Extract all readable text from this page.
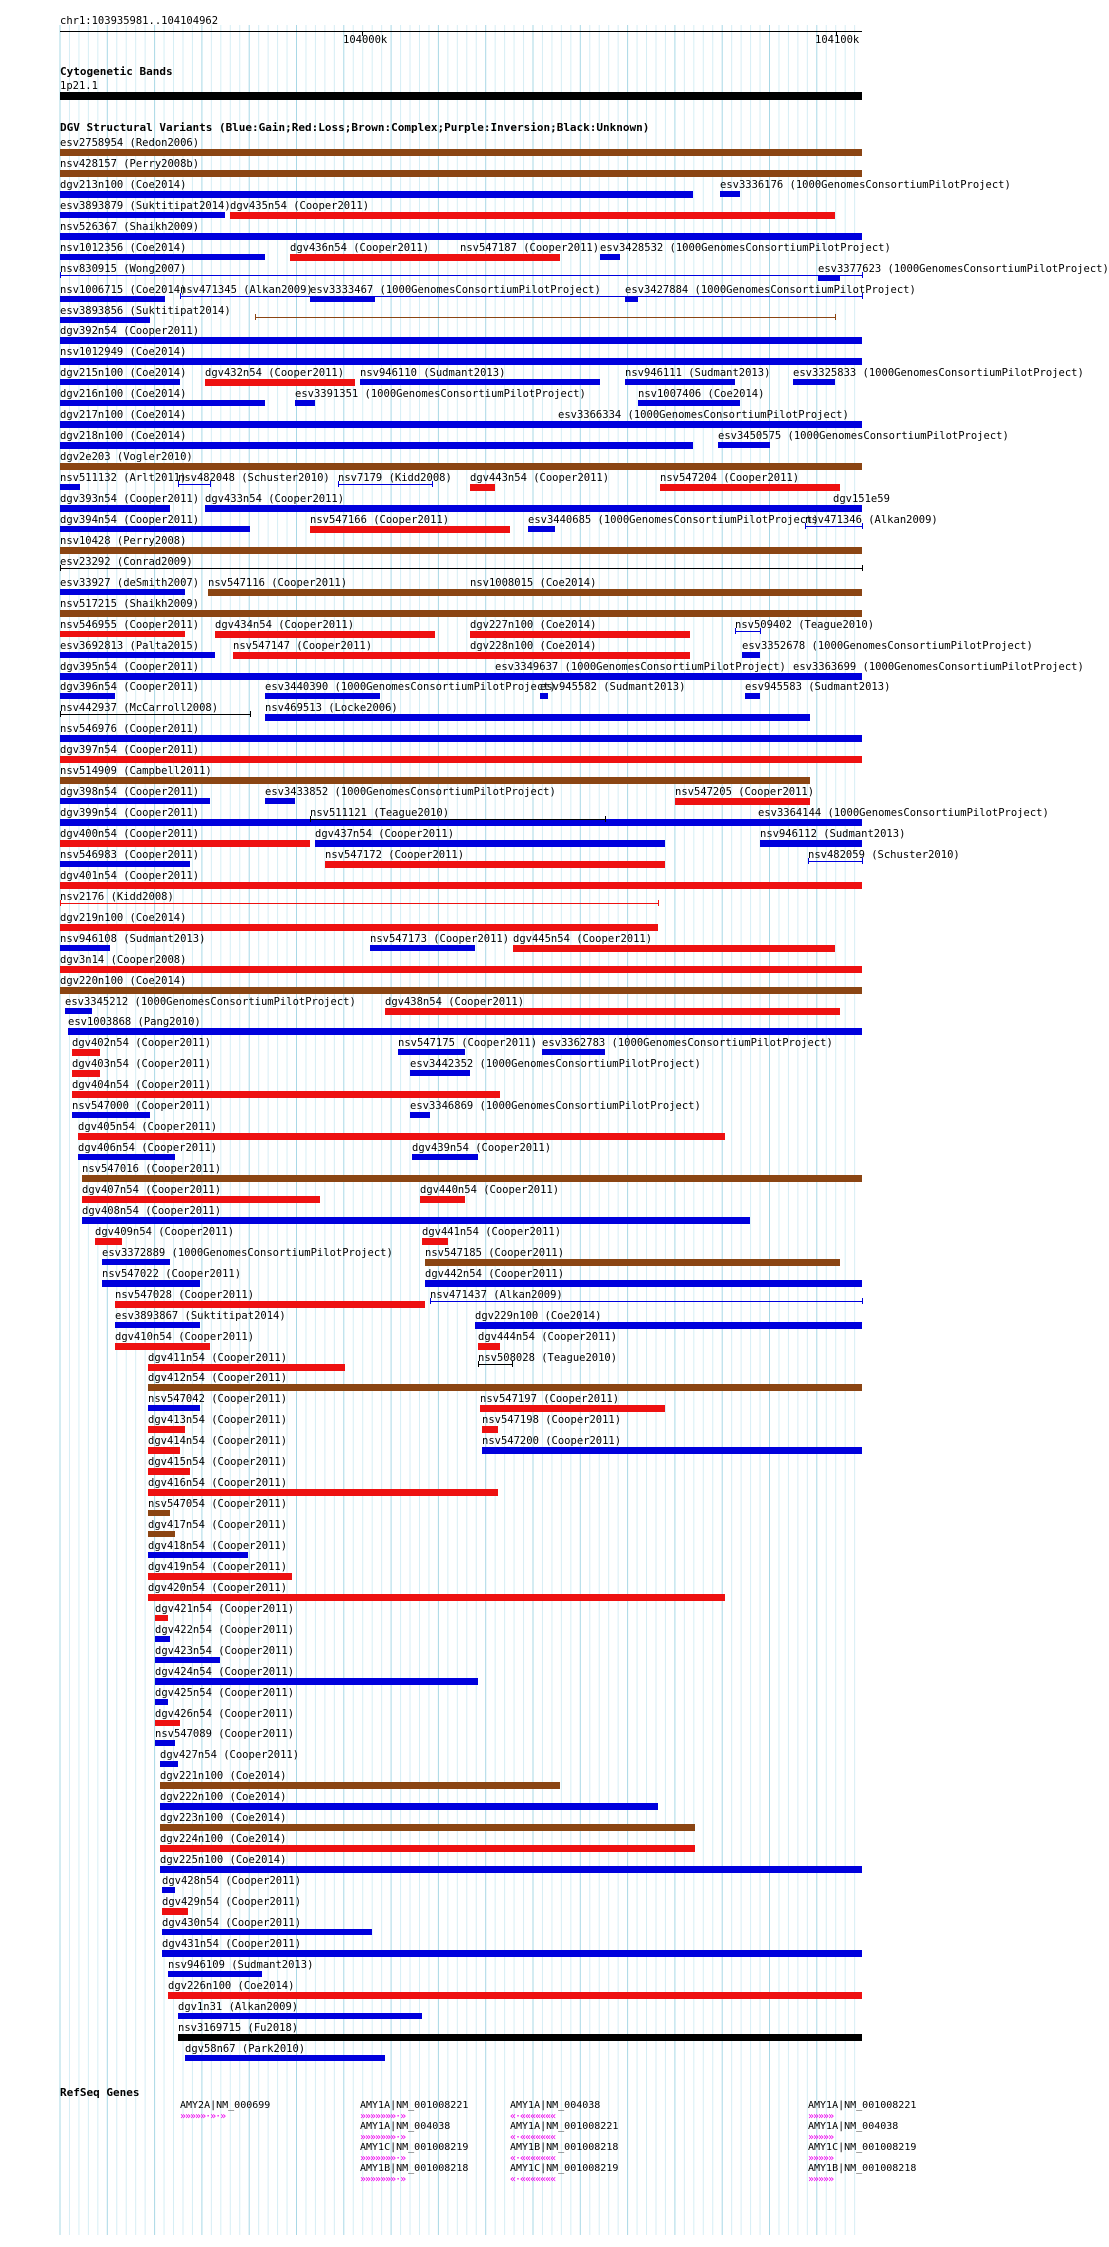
chr1:103935981..104104962
104000k	104100k
Cytogenetic Bands
1p21.1
DGV Structural Variants (Blue:Gain;Red:Loss;Brown:Complex;Purple:Inversion;Black:Unknown)
esv2758954 (Redon2006)
nsv428157 (Perry2008b)
dgv213n100 (Coe2014)	esv3336176 (1000GenomesConsortiumPilotProject)
esv3893879 (Suktitipat2014) dgv435n54 (Cooper2011)
nsv526367 (Shaikh2009)
nsv1012356 (Coe2014)	dgv436n54 (Cooper2011)	nsv547187 (Cooper2011) esv3428532 (1000GenomesConsortiumPilotProject)
nsv830915 (Wong2007)	esv3377623 (1000GenomesConsortiumPilotProject)
nsv1006715 (Coe2014)
nsv471345 (Alkan2009)
esv3333467 (1000GenomesConsortiumPilotProject) esv3427884 (1000GenomesConsortiumPilotProject)
esv3893856 (Suktitipat2014)
dgv392n54 (Cooper2011)
nsv1012949 (Coe2014)
dgv215n100 (Coe2014) dgv432n54 (Cooper2011) nsv946110 (Sudmant2013)	nsv946111 (Sudmant2013) esv3325833 (1000GenomesConsortiumPilotProject)
dgv216n100 (Coe2014)	esv3391351 (1000GenomesConsortiumPilotProject)	nsv1007406 (Coe2014)
dgv217n100 (Coe2014)	esv3366334 (1000GenomesConsortiumPilotProject)
dgv218n100 (Coe2014)	esv3450575 (1000GenomesConsortiumPilotProject)
dgv2e203 (Vogler2010)
nsv511132 (Arlt2011)
nsv482048 (Schuster2010) nsv7179 (Kidd2008) dgv443n54 (Cooper2011)	nsv547204 (Cooper2011)
dgv393n54 (Cooper2011) dgv433n54 (Cooper2011)	dgv151e59
dgv394n54 (Cooper2011)	nsv547166 (Cooper2011)	esv3440685 (1000GenomesConsortiumPilotProject)
nsv471346 (Alkan2009)
nsv10428 (Perry2008)
esv23292 (Conrad2009)
esv33927 (deSmith2007) nsv547116 (Cooper2011)	nsv1008015 (Coe2014)
nsv517215 (Shaikh2009)
nsv546955 (Cooper2011) dgv434n54 (Cooper2011)	dgv227n100 (Coe2014)	nsv509402 (Teague2010)
esv3692813 (Palta2015)	nsv547147 (Cooper2011)	dgv228n100 (Coe2014)	esv3352678 (1000GenomesConsortiumPilotProject)
dgv395n54 (Cooper2011)	esv3349637 (1000GenomesConsortiumPilotProject) esv3363699 (1000GenomesConsortiumPilotProject)
dgv396n54 (Cooper2011)	esv3440390 (1000GenomesConsortiumPilotProject)
esv945582 (Sudmant2013)	esv945583 (Sudmant2013)
nsv442937 (McCarroll2008)	nsv469513 (Locke2006)
nsv546976 (Cooper2011)
dgv397n54 (Cooper2011)
nsv514909 (Campbell2011)
dgv398n54 (Cooper2011)	esv3433852 (1000GenomesConsortiumPilotProject)	nsv547205 (Cooper2011)
dgv399n54 (Cooper2011)	nsv511121 (Teague2010)	esv3364144 (1000GenomesConsortiumPilotProject)
dgv400n54 (Cooper2011)	dgv437n54 (Cooper2011)	nsv946112 (Sudmant2013)
nsv546983 (Cooper2011)	nsv547172 (Cooper2011)	nsv482059 (Schuster2010)
dgv401n54 (Cooper2011)
nsv2176 (Kidd2008)
dgv219n100 (Coe2014)
nsv946108 (Sudmant2013)	nsv547173 (Cooper2011) dgv445n54 (Cooper2011)
dgv3n14 (Cooper2008)
dgv220n100 (Coe2014)
esv3345212 (1000GenomesConsortiumPilotProject)	dgv438n54 (Cooper2011)
esv1003868 (Pang2010)
dgv402n54 (Cooper2011)	nsv547175 (Cooper2011) esv3362783 (1000GenomesConsortiumPilotProject)
dgv403n54 (Cooper2011)	esv3442352 (1000GenomesConsortiumPilotProject)
dgv404n54 (Cooper2011)
nsv547000 (Cooper2011)	esv3346869 (1000GenomesConsortiumPilotProject)
dgv405n54 (Cooper2011)
dgv406n54 (Cooper2011)	dgv439n54 (Cooper2011)
nsv547016 (Cooper2011)
dgv407n54 (Cooper2011)	dgv440n54 (Cooper2011)
dgv408n54 (Cooper2011)
dgv409n54 (Cooper2011)	dgv441n54 (Cooper2011)
esv3372889 (1000GenomesConsortiumPilotProject)	nsv547185 (Cooper2011)
nsv547022 (Cooper2011)	dgv442n54 (Cooper2011)
nsv547028 (Cooper2011)	nsv471437 (Alkan2009)
esv3893867 (Suktitipat2014)	dgv229n100 (Coe2014)
dgv410n54 (Cooper2011)	dgv444n54 (Cooper2011)
dgv411n54 (Cooper2011)	nsv508028 (Teague2010)
dgv412n54 (Cooper2011)
nsv547042 (Cooper2011)	nsv547197 (Cooper2011)
dgv413n54 (Cooper2011)	nsv547198 (Cooper2011)
dgv414n54 (Cooper2011)	nsv547200 (Cooper2011)
dgv415n54 (Cooper2011)
dgv416n54 (Cooper2011)
nsv547054 (Cooper2011)
dgv417n54 (Cooper2011)
dgv418n54 (Cooper2011)
dgv419n54 (Cooper2011)
dgv420n54 (Cooper2011)
dgv421n54 (Cooper2011)
dgv422n54 (Cooper2011)
dgv423n54 (Cooper2011)
dgv424n54 (Cooper2011)
dgv425n54 (Cooper2011)
dgv426n54 (Cooper2011)
nsv547089 (Cooper2011)
dgv427n54 (Cooper2011)
dgv221n100 (Coe2014)
dgv222n100 (Coe2014)
dgv223n100 (Coe2014)
dgv224n100 (Coe2014)
dgv225n100 (Coe2014)
dgv428n54 (Cooper2011)
dgv429n54 (Cooper2011)
dgv430n54 (Cooper2011)
dgv431n54 (Cooper2011)
nsv946109 (Sudmant2013)
dgv226n100 (Coe2014)
dgv1n31 (Alkan2009)
nsv3169715 (Fu2018)
dgv58n67 (Park2010)
RefSeq Genes
AMY2A|NM_000699
»»»»»·»·»
AMY1A|NM_001008221
»»»»»»»·»
AMY1A|NM_004038
»»»»»»»·»
AMY1C|NM_001008219
»»»»»»»·»
AMY1B|NM_001008218
»»»»»»»·»
AMY1A|NM_004038
«·«««««««
AMY1A|NM_001008221
«·«««««««
AMY1B|NM_001008218
«·«««««««
AMY1C|NM_001008219
«·«««««««
AMY1A|NM_001008221
»»»»»
AMY1A|NM_004038
»»»»»
AMY1C|NM_001008219
»»»»»
AMY1B|NM_001008218
»»»»»
